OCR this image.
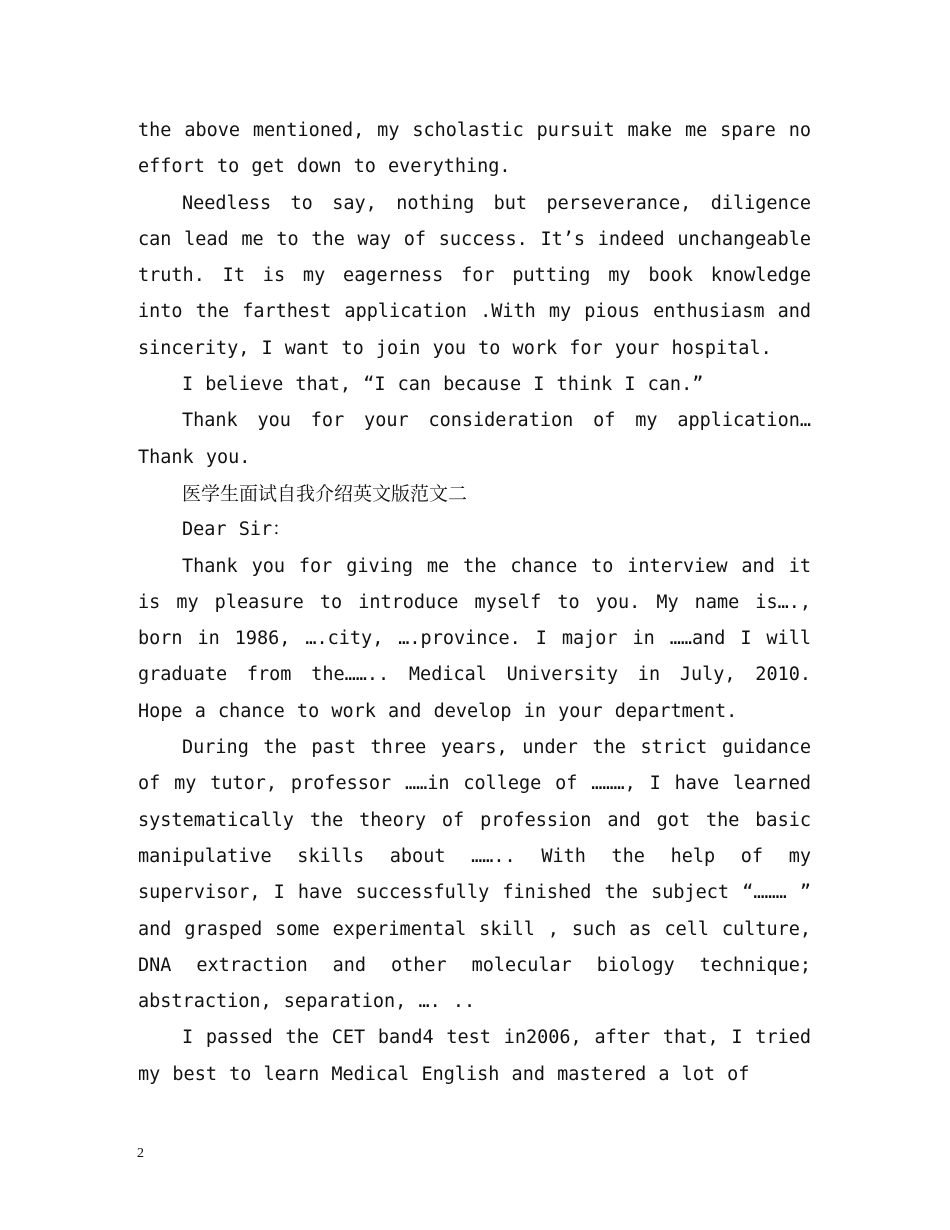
the above mentioned, my scholastic pursuit make me spare no effort to get down to everything.

Needless to say, nothing but perseverance, diligence can lead me to the way of success. It’s indeed unchangeable truth. It is my eagerness for putting my book knowledge into the farthest application .With my pious enthusiasm and sincerity, I want to join you to work for your hospital.

I believe that, “I can because I think I can.”

Thank you for your consideration of my application…Thank you.

医学生面试自我介绍英文版范文二

Dear Sir：

Thank you for giving me the chance to interview and it is my pleasure to introduce myself to you. My name is…., born in 1986, ….city, ….province. I major in ……and I will graduate from the…….. Medical University in July, 2010. Hope a chance to work and develop in your department.

During the past three years, under the strict guidance of my tutor, professor ……in college of ………, I have learned systematically the theory of profession and got the basic manipulative skills about …….. With the help of my supervisor, I have successfully finished the subject “……… ” and grasped some experimental skill , such as cell culture, DNA extraction and other molecular biology technique; abstraction, separation, …. ..

I passed the CET band4 test in2006, after that, I tried my best to learn Medical English and mastered a lot of

2
